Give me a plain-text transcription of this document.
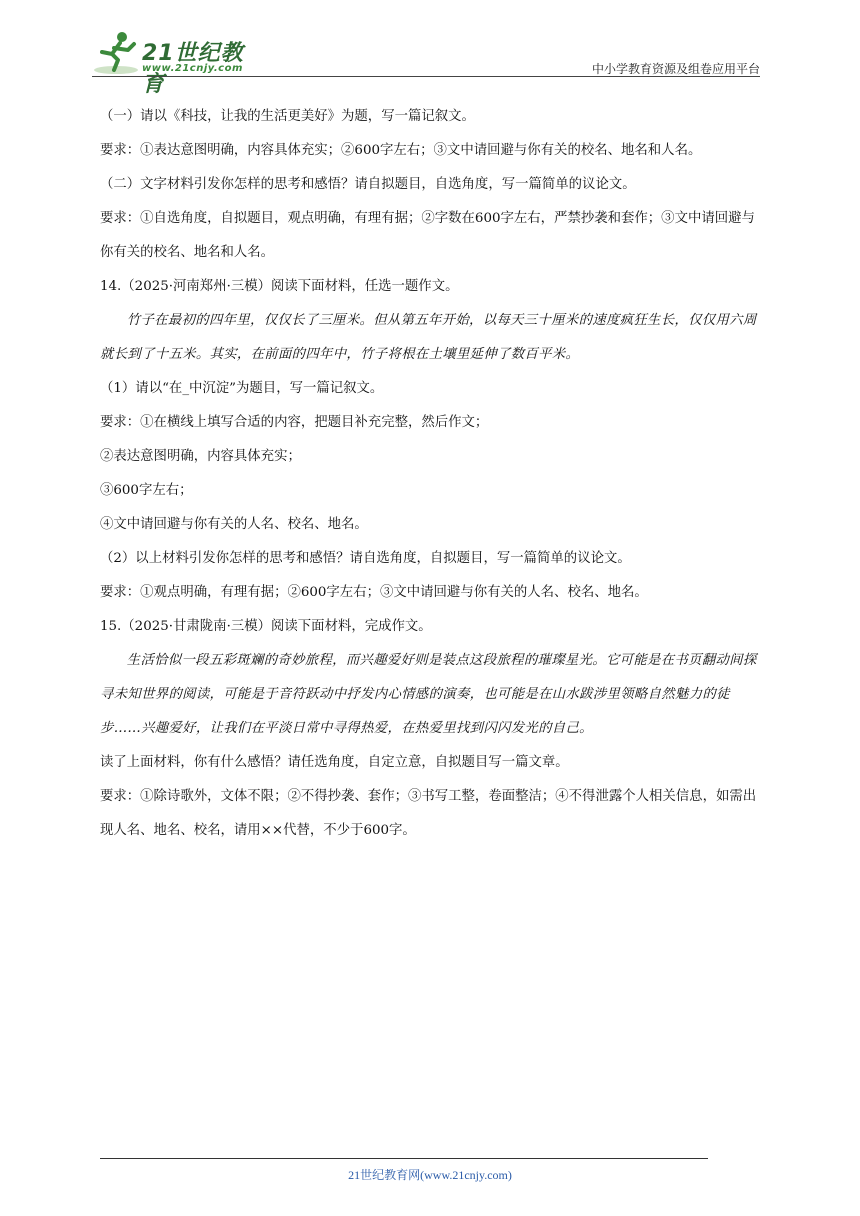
21世纪教育
www.21cnjy.com	中小学教育资源及组卷应用平台

（一）请以《科技，让我的生活更美好》为题，写一篇记叙文。

要求：①表达意图明确，内容具体充实；②600字左右；③文中请回避与你有关的校名、地名和人名。

（二）文字材料引发你怎样的思考和感悟？请自拟题目，自选角度，写一篇简单的议论文。

要求：①自选角度，自拟题目，观点明确，有理有据；②字数在600字左右，严禁抄袭和套作；③文中请回避与你有关的校名、地名和人名。

14.（2025·河南郑州·三模）阅读下面材料，任选一题作文。

竹子在最初的四年里，仅仅长了三厘米。但从第五年开始，以每天三十厘米的速度疯狂生长，仅仅用六周就长到了十五米。其实，在前面的四年中，竹子将根在土壤里延伸了数百平米。

（1）请以“在_中沉淀”为题目，写一篇记叙文。

要求：①在横线上填写合适的内容，把题目补充完整，然后作文；

②表达意图明确，内容具体充实；

③600字左右；

④文中请回避与你有关的人名、校名、地名。

（2）以上材料引发你怎样的思考和感悟？请自选角度，自拟题目，写一篇简单的议论文。

要求：①观点明确，有理有据；②600字左右；③文中请回避与你有关的人名、校名、地名。

15.（2025·甘肃陇南·三模）阅读下面材料，完成作文。

生活恰似一段五彩斑斓的奇妙旅程，而兴趣爱好则是装点这段旅程的璀璨星光。它可能是在书页翻动间探寻未知世界的阅读，可能是于音符跃动中抒发内心情感的演奏，也可能是在山水跋涉里领略自然魅力的徒步……兴趣爱好，让我们在平淡日常中寻得热爱，在热爱里找到闪闪发光的自己。

读了上面材料，你有什么感悟？请任选角度，自定立意，自拟题目写一篇文章。

要求：①除诗歌外，文体不限；②不得抄袭、套作；③书写工整，卷面整洁；④不得泄露个人相关信息，如需出现人名、地名、校名，请用××代替，不少于600字。

21世纪教育网(www.21cnjy.com)
